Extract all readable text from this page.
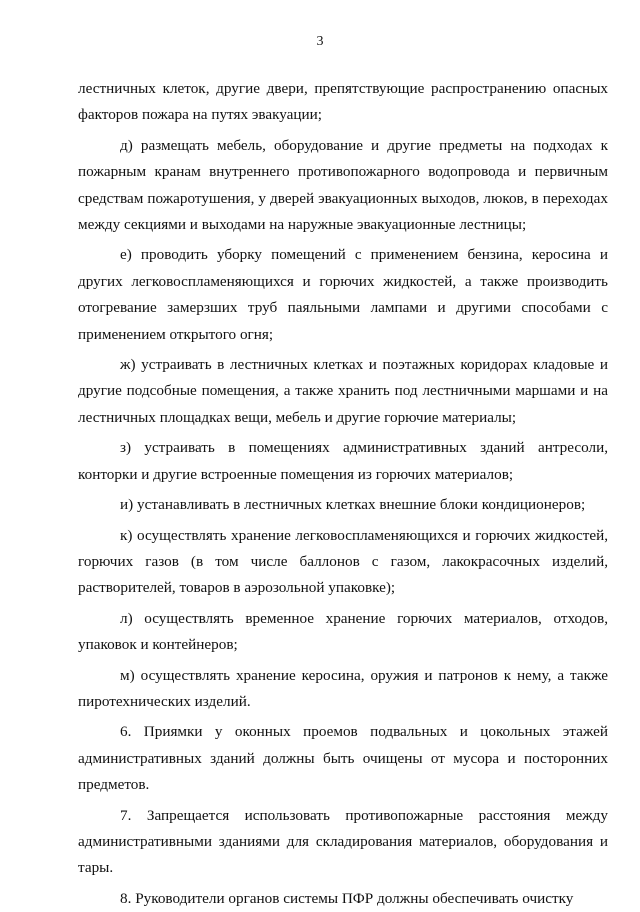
3

лестничных клеток, другие двери, препятствующие распространению опасных факторов пожара на путях эвакуации;

д) размещать мебель, оборудование и другие предметы на подходах к пожарным кранам внутреннего противопожарного водопровода и первичным средствам пожаротушения, у дверей эвакуационных выходов, люков, в переходах между секциями и выходами на наружные эвакуационные лестницы;

е) проводить уборку помещений с применением бензина, керосина и других легковоспламеняющихся и горючих жидкостей, а также производить отогревание замерзших труб паяльными лампами и другими способами с применением открытого огня;

ж) устраивать в лестничных клетках и поэтажных коридорах кладовые и другие подсобные помещения, а также хранить под лестничными маршами и на лестничных площадках вещи, мебель и другие горючие материалы;

з) устраивать в помещениях административных зданий антресоли, конторки и другие встроенные помещения из горючих материалов;

и) устанавливать в лестничных клетках внешние блоки кондиционеров;

к) осуществлять хранение легковоспламеняющихся и горючих жидкостей, горючих газов (в том числе баллонов с газом, лакокрасочных изделий, растворителей, товаров в аэрозольной упаковке);

л) осуществлять временное хранение горючих материалов, отходов, упаковок и контейнеров;

м) осуществлять хранение керосина, оружия и патронов к нему, а также пиротехнических изделий.

6. Приямки у оконных проемов подвальных и цокольных этажей административных зданий должны быть очищены от мусора и посторонних предметов.

7. Запрещается использовать противопожарные расстояния между административными зданиями для складирования материалов, оборудования и тары.

8. Руководители органов системы ПФР должны обеспечивать очистку
